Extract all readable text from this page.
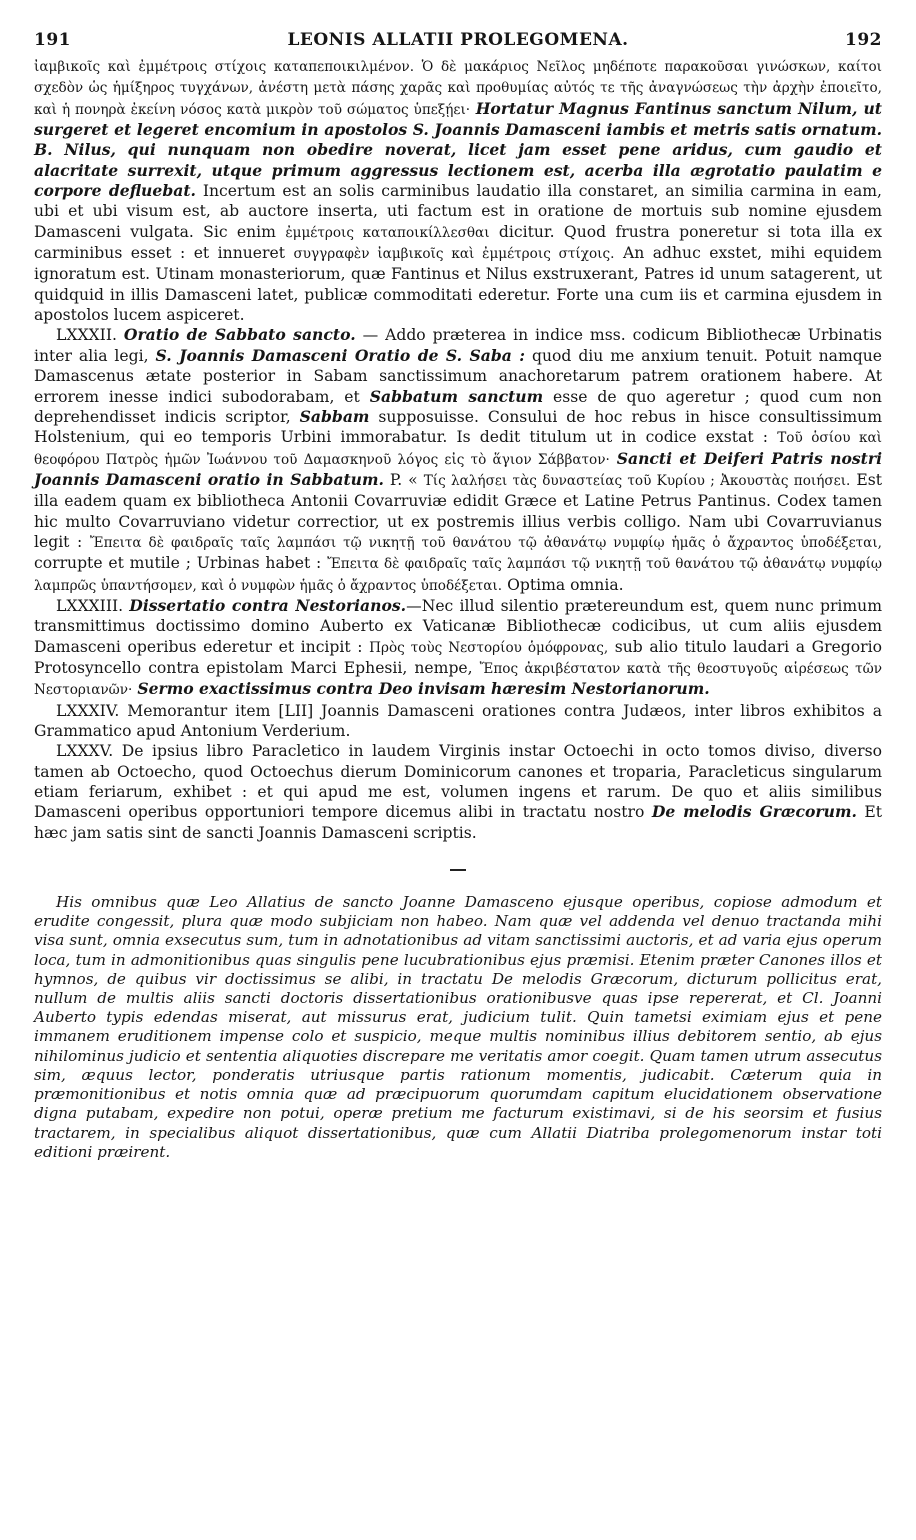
191	LEONIS ALLATII PROLEGOMENA.	192

ἰαμβικοῖς καὶ ἐμμέτροις στίχοις καταπεποικιλμένον. Ὁ δὲ μακάριος Νεῖλος μηδέποτε παρακοῦσαι γινώσκων, καίτοι σχεδὸν ὡς ἡμίξηρος τυγχάνων, ἀνέστη μετὰ πάσης χαρᾶς καὶ προθυμίας αὐτός τε τῆς ἀναγνώσεως τὴν ἀρχὴν ἐποιεῖτο, καὶ ἡ πονηρὰ ἐκείνη νόσος κατὰ μικρὸν τοῦ σώματος ὑπεξῄει· Hortatur Magnus Fantinus sanctum Nilum, ut surgeret et legeret encomium in apostolos S. Joannis Damasceni iambis et metris satis ornatum. B. Nilus, qui nunquam non obedire noverat, licet jam esset pene aridus, cum gaudio et alacritate surrexit, utque primum aggressus lectionem est, acerba illa ægrotatio paulatim e corpore defluebat. Incertum est an solis carminibus laudatio illa constaret, an similia carmina in eam, ubi et ubi visum est, ab auctore inserta, uti factum est in oratione de mortuis sub nomine ejusdem Damasceni vulgata. Sic enim ἐμμέτροις καταποικίλλεσθαι dicitur. Quod frustra poneretur si tota illa ex carminibus esset : et innueret συγγραφὲν ἰαμβικοῖς καὶ ἐμμέτροις στίχοις. An adhuc exstet, mihi equidem ignoratum est. Utinam monasteriorum, quæ Fantinus et Nilus exstruxerant, Patres id unum satagerent, ut quidquid in illis Damasceni latet, publicæ commoditati ederetur. Forte una cum iis et carmina ejusdem in apostolos lucem aspiceret.

LXXXII. Oratio de Sabbato sancto. — Addo præterea in indice mss. codicum Bibliothecæ Urbinatis inter alia legi, S. Joannis Damasceni Oratio de S. Saba : quod diu me anxium tenuit. Potuit namque Damascenus ætate posterior in Sabam sanctissimum anachoretarum patrem orationem habere. At errorem inesse indici subodorabam, et Sabbatum sanctum esse de quo ageretur ; quod cum non deprehendisset indicis scriptor, Sabbam supposuisse. Consului de hoc rebus in hisce consultissimum Holstenium, qui eo temporis Urbini immorabatur. Is dedit titulum ut in codice exstat : Τοῦ ὁσίου καὶ θεοφόρου Πατρὸς ἡμῶν Ἰωάννου τοῦ Δαμασκηνοῦ λόγος εἰς τὸ ἅγιον Σάββατον· Sancti et Deiferi Patris nostri Joannis Damasceni oratio in Sabbatum. P. « Τίς λαλήσει τὰς δυναστείας τοῦ Κυρίου ; Ἀκουστὰς ποιήσει. Est illa eadem quam ex bibliotheca Antonii Covarruviæ edidit Græce et Latine Petrus Pantinus. Codex tamen hic multo Covarruviano videtur correctior, ut ex postremis illius verbis colligo. Nam ubi Covarruvianus legit : Ἔπειτα δὲ φαιδραῖς ταῖς λαμπάσι τῷ νικητῇ τοῦ θανάτου τῷ ἀθανάτῳ νυμφίῳ ἡμᾶς ὁ ἄχραντος ὑποδέξεται, corrupte et mutile ; Urbinas habet : Ἔπειτα δὲ φαιδραῖς ταῖς λαμπάσι τῷ νικητῇ τοῦ θανάτου τῷ ἀθανάτῳ νυμφίῳ λαμπρῶς ὑπαντήσομεν, καὶ ὁ νυμφὼν ἡμᾶς ὁ ἄχραντος ὑποδέξεται. Optima omnia.

LXXXIII. Dissertatio contra Nestorianos.—Nec illud silentio prætereundum est, quem nunc primum transmittimus doctissimo domino Auberto ex Vaticanæ Bibliothecæ codicibus, ut cum aliis ejusdem Damasceni operibus ederetur et incipit : Πρὸς τοὺς Νεστορίου ὁμόφρονας, sub alio titulo laudari a Gregorio Protosyncello contra epistolam Marci Ephesii, nempe, Ἔπος ἀκριβέστατον κατὰ τῆς θεοστυγοῦς αἱρέσεως τῶν Νεστοριανῶν· Sermo exactissimus contra Deo invisam hæresim Nestorianorum.

LXXXIV. Memorantur item [LII] Joannis Damasceni orationes contra Judæos, inter libros exhibitos a Grammatico apud Antonium Verderium.

LXXXV. De ipsius libro Paracletico in laudem Virginis instar Octoechi in octo tomos diviso, diverso tamen ab Octoecho, quod Octoechus dierum Dominicorum canones et troparia, Paracleticus singularum etiam feriarum, exhibet : et qui apud me est, volumen ingens et rarum. De quo et aliis similibus Damasceni operibus opportuniori tempore dicemus alibi in tractatu nostro De melodis Græcorum. Et hæc jam satis sint de sancti Joannis Damasceni scriptis.

His omnibus quæ Leo Allatius de sancto Joanne Damasceno ejusque operibus, copiose admodum et erudite congessit, plura quæ modo subjiciam non habeo. Nam quæ vel addenda vel denuo tractanda mihi visa sunt, omnia exsecutus sum, tum in adnotationibus ad vitam sanctissimi auctoris, et ad varia ejus operum loca, tum in admonitionibus quas singulis pene lucubrationibus ejus præmisi. Etenim præter Canones illos et hymnos, de quibus vir doctissimus se alibi, in tractatu De melodis Græcorum, dicturum pollicitus erat, nullum de multis aliis sancti doctoris dissertationibus orationibusve quas ipse repererat, et Cl. Joanni Auberto typis edendas miserat, aut missurus erat, judicium tulit. Quin tametsi eximiam ejus et pene immanem eruditionem impense colo et suspicio, meque multis nominibus illius debitorem sentio, ab ejus nihilominus judicio et sententia aliquoties discrepare me veritatis amor coegit. Quam tamen utrum assecutus sim, æquus lector, ponderatis utriusque partis rationum momentis, judicabit. Cæterum quia in præmonitionibus et notis omnia quæ ad præcipuorum quorumdam capitum elucidationem observatione digna putabam, expedire non potui, operæ pretium me facturum existimavi, si de his seorsim et fusius tractarem, in specialibus aliquot dissertationibus, quæ cum Allatii Diatriba prolegomenorum instar toti editioni præirent.
